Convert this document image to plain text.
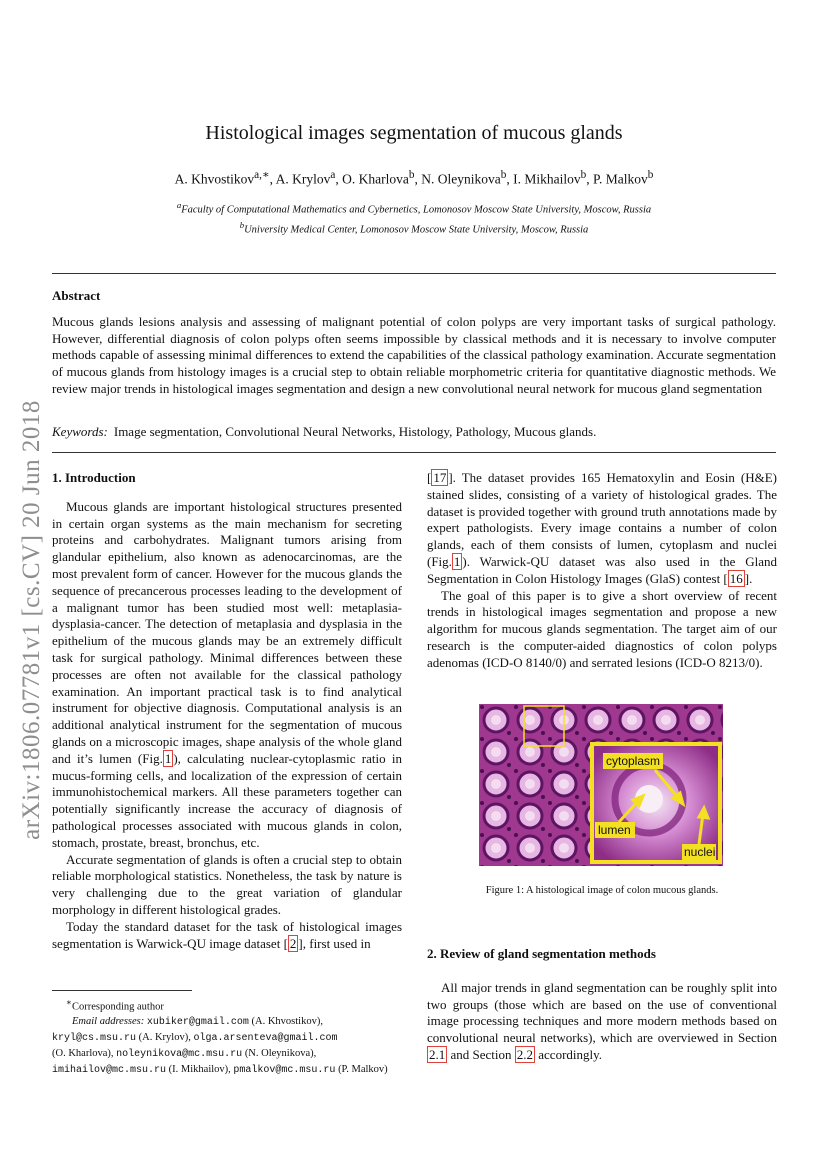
arXiv:1806.07781v1 [cs.CV] 20 Jun 2018
Histological images segmentation of mucous glands
A. Khvostikov$^{a,∗}$, A. Krylov$^a$, O. Kharlova$^b$, N. Oleynikova$^b$, I. Mikhailov$^b$, P. Malkov$^b$
$^a$Faculty of Computational Mathematics and Cybernetics, Lomonosov Moscow State University, Moscow, Russia
$^b$University Medical Center, Lomonosov Moscow State University, Moscow, Russia
Abstract
Mucous glands lesions analysis and assessing of malignant potential of colon polyps are very important tasks of surgical pathology. However, differential diagnosis of colon polyps often seems impossible by classical methods and it is necessary to involve computer methods capable of assessing minimal differences to extend the capabilities of the classical pathology examination. Accurate segmentation of mucous glands from histology images is a crucial step to obtain reliable morphometric criteria for quantitative diagnostic methods. We review major trends in histological images segmentation and design a new convolutional neural network for mucous gland segmentation
Keywords: Image segmentation, Convolutional Neural Networks, Histology, Pathology, Mucous glands.
1. Introduction

Mucous glands are important histological structures presented in certain organ systems as the main mechanism for secreting proteins and carbohydrates. Malignant tumors arising from glandular epithelium, also known as adenocarcinomas, are the most prevalent form of cancer. However for the mucous glands the sequence of precancerous processes leading to the development of a malignant tumor has been studied most well: metaplasia-dysplasia-cancer. The detection of metaplasia and dysplasia in the epithelium of the mucous glands may be an extremely difficult task for surgical pathology. Minimal differences between these processes are often not available for the classical pathology examination. An important practical task is to find analytical instrument for objective diagnosis. Computational analysis is an additional analytical instrument for the segmentation of mucous glands on a microscopic images, shape analysis of the whole gland and it’s lumen (Fig. 1 ), calculating nuclear-cytoplasmic ratio in mucus-forming cells, and localization of the expression of certain immunohistochemical markers. All these parameters together can potentially significantly increase the accuracy of diagnosis of pathological processes associated with mucous glands in colon, stomach, prostate, breast, bronchus, etc.

Accurate segmentation of glands is often a crucial step to obtain reliable morphological statistics. Nonetheless, the task by nature is very challenging due to the great variation of glandular morphology in different histological grades.

Today the standard dataset for the task of histological images segmentation is Warwick-QU image dataset [ 2 ], first used in

[ 17 ]. The dataset provides 165 Hematoxylin and Eosin (H&E) stained slides, consisting of a variety of histological grades. The dataset is provided together with ground truth annotations made by expert pathologists. Every image contains a number of colon glands, each of them consists of lumen, cytoplasm and nuclei (Fig. 1 ). Warwick-QU dataset was also used in the Gland Segmentation in Colon Histology Images (GlaS) contest [ 16 ].

The goal of this paper is to give a short overview of recent trends in histological images segmentation and propose a new algorithm for mucous glands segmentation. The target aim of our research is the computer-aided diagnostics of colon polyps adenomas (ICD-O 8140/0) and serrated lesions (ICD-O 8213/0).

cytoplasm
lumen
nuclei
Figure 1: A histological image of colon mucous glands.
2. Review of gland segmentation methods

All major trends in gland segmentation can be roughly split into two groups (those which are based on the use of conventional image processing techniques and more modern methods based on convolutional neural networks), which are overviewed in Section 2.1 and Section 2.2 accordingly.

∗Corresponding author
Email addresses: xubiker@gmail.com (A. Khvostikov),
kryl@cs.msu.ru (A. Krylov), olga.arsenteva@gmail.com
(O. Kharlova), noleynikova@mc.msu.ru (N. Oleynikova),
imihailov@mc.msu.ru (I. Mikhailov), pmalkov@mc.msu.ru (P. Malkov)
